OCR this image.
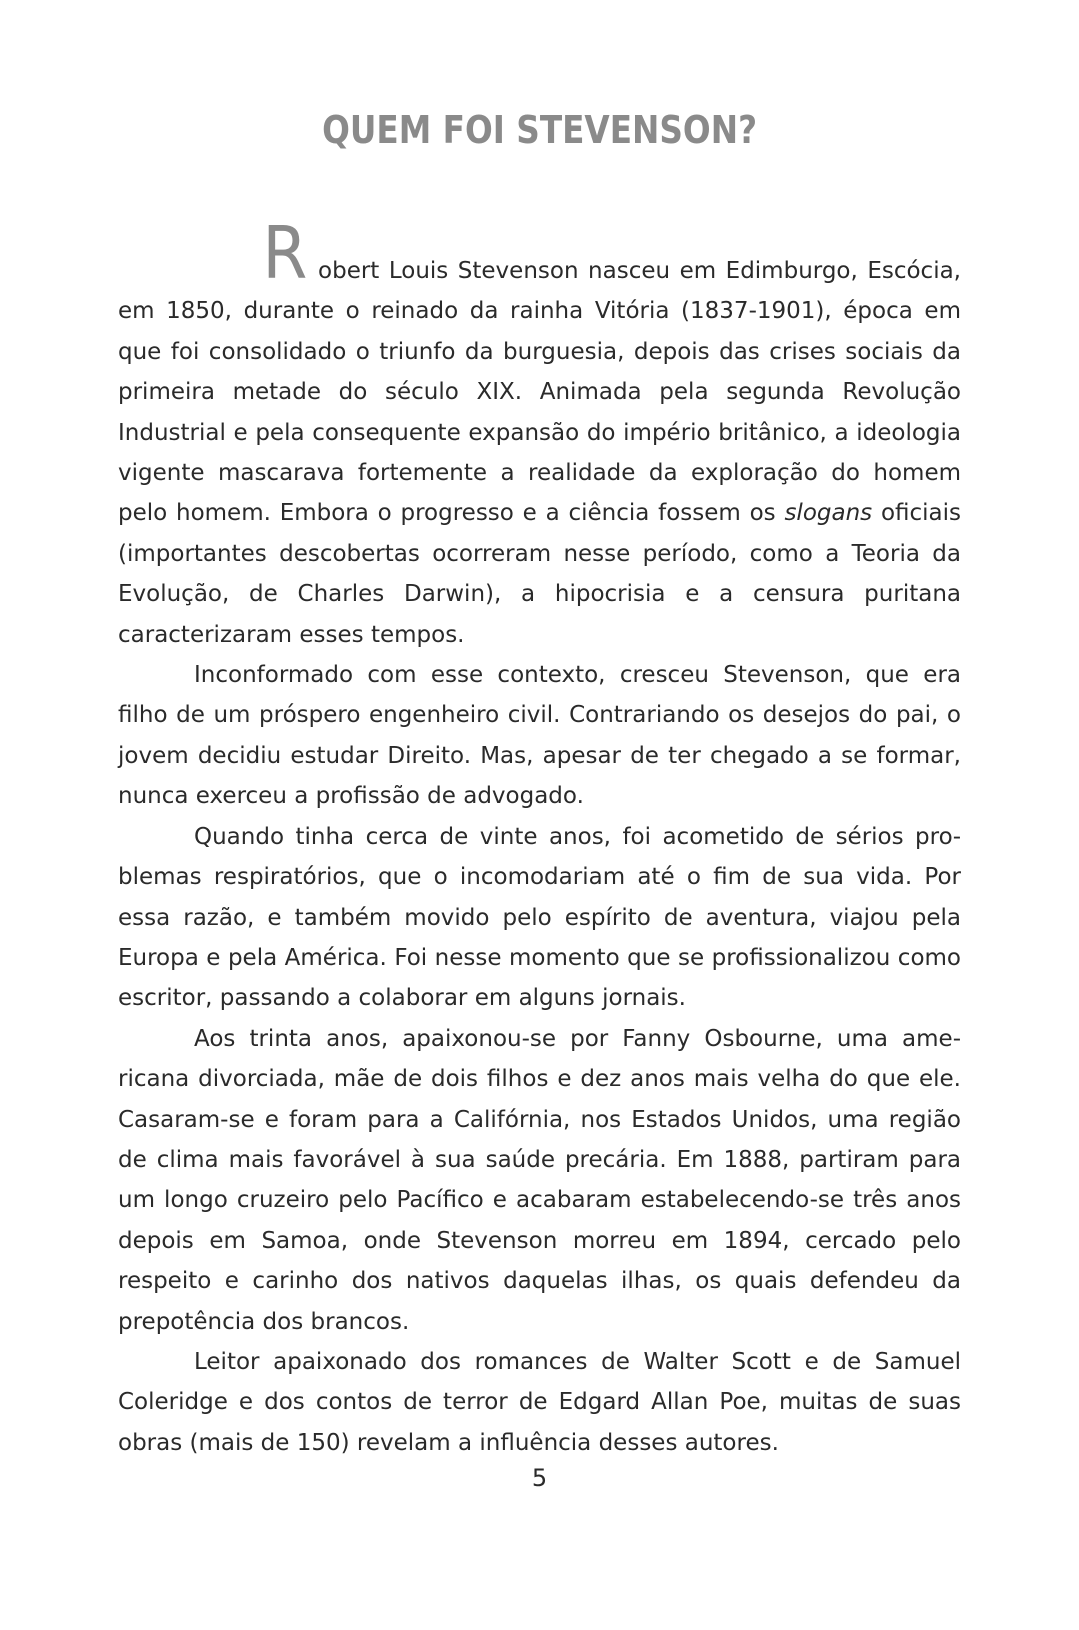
QUEM FOI STEVENSON?

Robert Louis Stevenson nasceu em Edimburgo, Escócia, em 1850, durante o reinado da rainha Vitória (1837-1901), época em que foi consolidado o triunfo da burguesia, depois das crises sociais da primeira metade do século XIX. Animada pela segunda Revolução Industrial e pela consequente expansão do império britânico, a ideologia vigente mascarava fortemente a realidade da exploração do homem pelo homem. Embora o progresso e a ciência fossem os slogans oficiais (importantes descobertas ocorreram nesse período, como a Teoria da Evolução, de Charles Darwin), a hipocrisia e a censura puritana caracterizaram esses tempos.

Inconformado com esse contexto, cresceu Stevenson, que era filho de um próspero engenheiro civil. Contrariando os desejos do pai, o jovem decidiu estudar Direito. Mas, apesar de ter chegado a se formar, nunca exerceu a profissão de advogado.

Quando tinha cerca de vinte anos, foi acometido de sérios problemas respiratórios, que o incomodariam até o fim de sua vida. Por essa razão, e também movido pelo espírito de aventura, viajou pela Europa e pela América. Foi nesse momento que se profissionalizou como escritor, passando a colaborar em alguns jornais.

Aos trinta anos, apaixonou-se por Fanny Osbourne, uma americana divorciada, mãe de dois filhos e dez anos mais velha do que ele. Casaram-se e foram para a Califórnia, nos Estados Unidos, uma região de clima mais favorável à sua saúde precária. Em 1888, partiram para um longo cruzeiro pelo Pacífico e acabaram estabelecendo-⁠se três anos depois em Samoa, onde Stevenson morreu em 1894, cercado pelo respeito e carinho dos nativos daquelas ilhas, os quais defendeu da prepotência dos brancos.

Leitor apaixonado dos romances de Walter Scott e de Samuel Coleridge e dos contos de terror de Edgard Allan Poe, muitas de suas obras (mais de 150) revelam a influência desses autores.

5
